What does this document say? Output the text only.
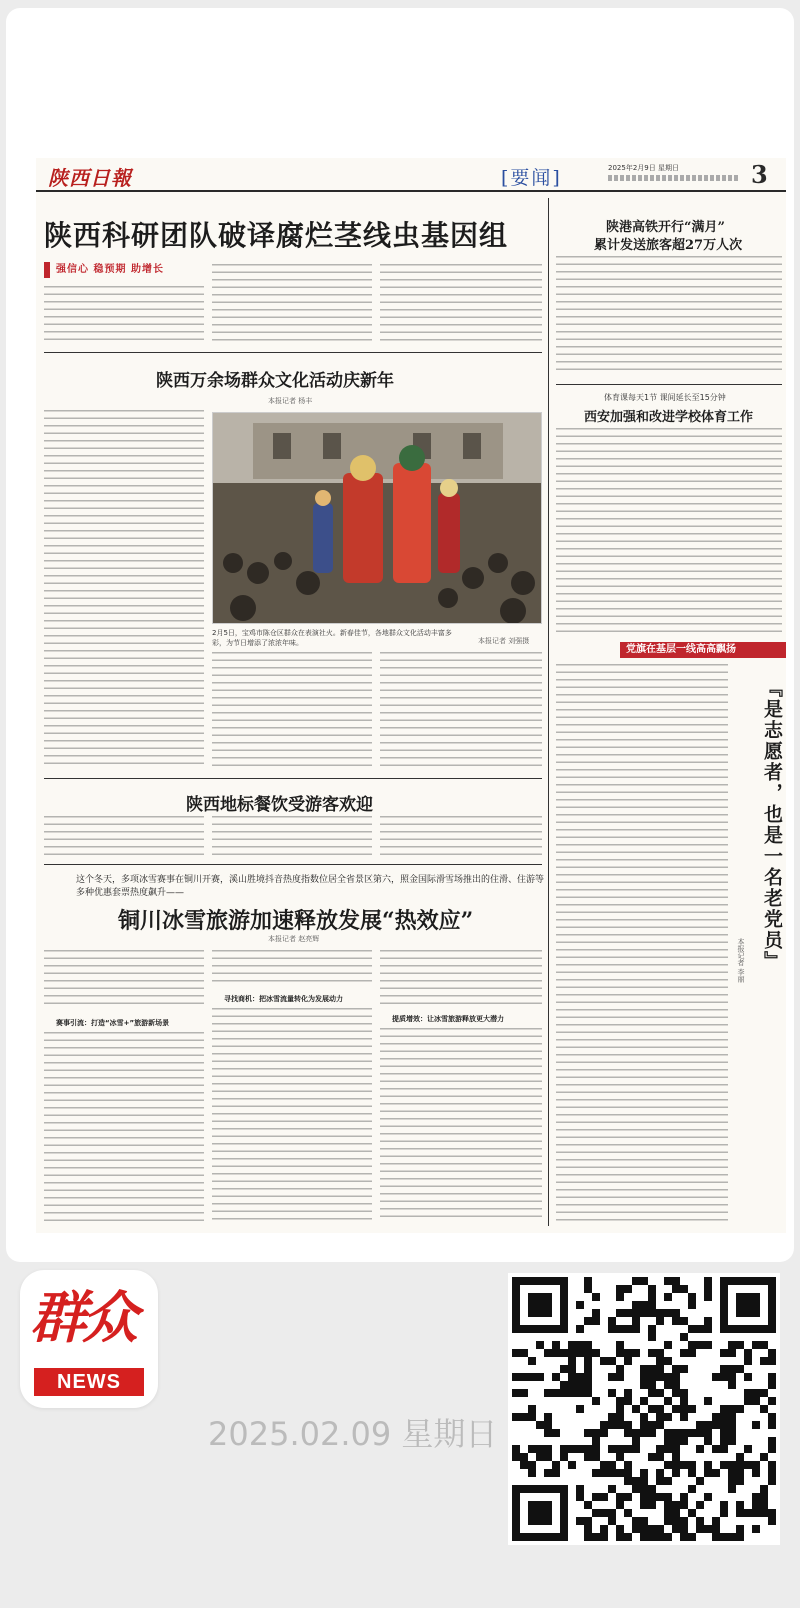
陕西日報	[要闻]	2025年2月9日 星期日	3
陕西科研团队破译腐烂茎线虫基因组
强信心 稳预期 助增长
陕西万余场群众文化活动庆新年
本报记者 杨丰
2月5日，宝鸡市陈仓区群众在表演社火。新春佳节，各地群众文化活动丰富多彩，为节日增添了浓浓年味。	本报记者 刘强摄
陕西地标餐饮受游客欢迎
这个冬天，多项冰雪赛事在铜川开赛，溪山胜境抖音热度指数位居全省景区第六，照金国际滑雪场推出的住滑、住游等多种优惠套票热度飙升——
铜川冰雪旅游加速释放发展“热效应”
本报记者 赵亮辉
赛事引流：打造“冰雪+”旅游新场景
寻找商机：把冰雪流量转化为发展动力
提质增效：让冰雪旅游释放更大潜力
陕港高铁开行“满月”
累计发送旅客超27万人次
体育课每天1节 课间延长至15分钟
西安加强和改进学校体育工作
党旗在基层一线高高飘扬
『是志愿者，也是一名老党员』
本报记者 李丽
群众
NEWS
2025.02.09 星期日
